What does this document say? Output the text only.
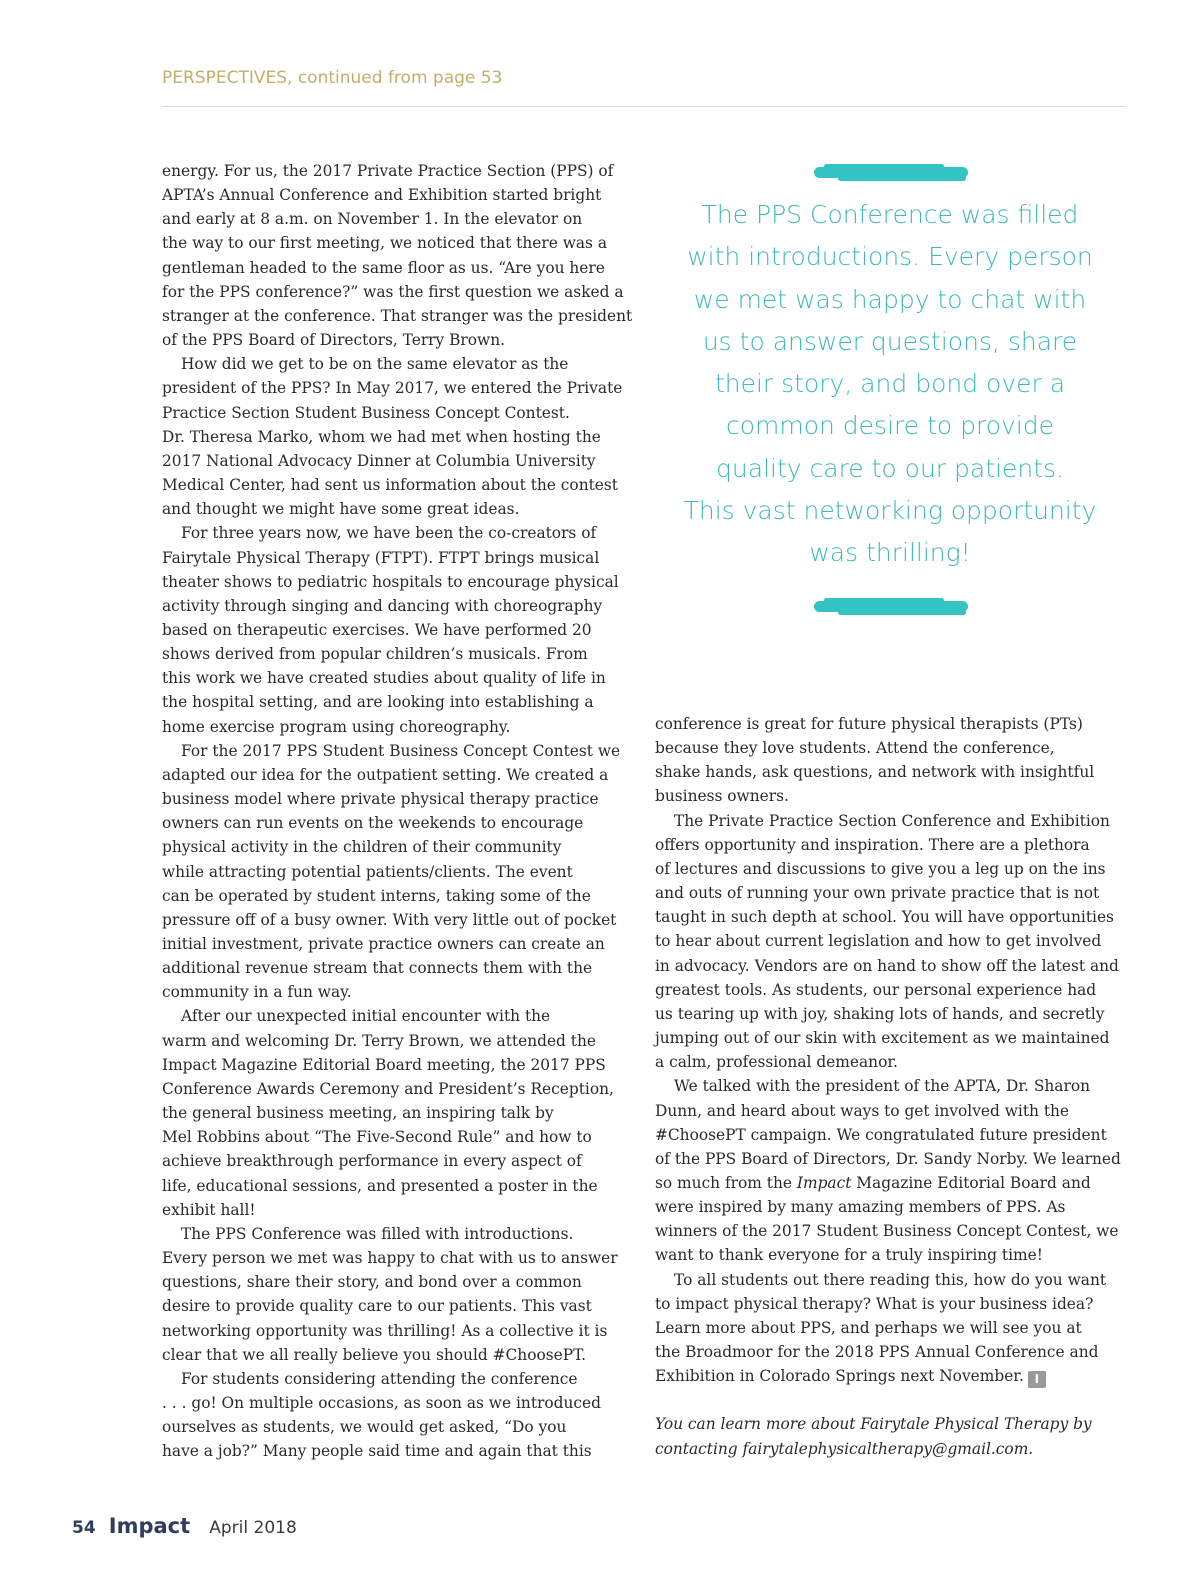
PERSPECTIVES, continued from page 53
energy. For us, the 2017 Private Practice Section (PPS) of
APTA’s Annual Conference and Exhibition started bright
and early at 8 a.m. on November 1. In the elevator on
the way to our first meeting, we noticed that there was a
gentleman headed to the same floor as us. “Are you here
for the PPS conference?” was the first question we asked a
stranger at the conference. That stranger was the president
of the PPS Board of Directors, Terry Brown.
How did we get to be on the same elevator as the
president of the PPS? In May 2017, we entered the Private
Practice Section Student Business Concept Contest.
Dr. Theresa Marko, whom we had met when hosting the
2017 National Advocacy Dinner at Columbia University
Medical Center, had sent us information about the contest
and thought we might have some great ideas.
For three years now, we have been the co-creators of
Fairytale Physical Therapy (FTPT). FTPT brings musical
theater shows to pediatric hospitals to encourage physical
activity through singing and dancing with choreography
based on therapeutic exercises. We have performed 20
shows derived from popular children’s musicals. From
this work we have created studies about quality of life in
the hospital setting, and are looking into establishing a
home exercise program using choreography.
For the 2017 PPS Student Business Concept Contest we
adapted our idea for the outpatient setting. We created a
business model where private physical therapy practice
owners can run events on the weekends to encourage
physical activity in the children of their community
while attracting potential patients/clients. The event
can be operated by student interns, taking some of the
pressure off of a busy owner. With very little out of pocket
initial investment, private practice owners can create an
additional revenue stream that connects them with the
community in a fun way.
After our unexpected initial encounter with the
warm and welcoming Dr. Terry Brown, we attended the
Impact Magazine Editorial Board meeting, the 2017 PPS
Conference Awards Ceremony and President’s Reception,
the general business meeting, an inspiring talk by
Mel Robbins about “The Five-Second Rule” and how to
achieve breakthrough performance in every aspect of
life, educational sessions, and presented a poster in the
exhibit hall!
The PPS Conference was filled with introductions.
Every person we met was happy to chat with us to answer
questions, share their story, and bond over a common
desire to provide quality care to our patients. This vast
networking opportunity was thrilling! As a collective it is
clear that we all really believe you should #ChoosePT.
For students considering attending the conference
. . . go! On multiple occasions, as soon as we introduced
ourselves as students, we would get asked, “Do you
have a job?” Many people said time and again that this
The PPS Conference was filled
with introductions. Every person
we met was happy to chat with
us to answer questions, share
their story, and bond over a
common desire to provide
quality care to our patients.
This vast networking opportunity
was thrilling!
conference is great for future physical therapists (PTs)
because they love students. Attend the conference,
shake hands, ask questions, and network with insightful
business owners.
The Private Practice Section Conference and Exhibition
offers opportunity and inspiration. There are a plethora
of lectures and discussions to give you a leg up on the ins
and outs of running your own private practice that is not
taught in such depth at school. You will have opportunities
to hear about current legislation and how to get involved
in advocacy. Vendors are on hand to show off the latest and
greatest tools. As students, our personal experience had
us tearing up with joy, shaking lots of hands, and secretly
jumping out of our skin with excitement as we maintained
a calm, professional demeanor.
We talked with the president of the APTA, Dr. Sharon
Dunn, and heard about ways to get involved with the
#ChoosePT campaign. We congratulated future president
of the PPS Board of Directors, Dr. Sandy Norby. We learned
so much from the Impact Magazine Editorial Board and
were inspired by many amazing members of PPS. As
winners of the 2017 Student Business Concept Contest, we
want to thank everyone for a truly inspiring time!
To all students out there reading this, how do you want
to impact physical therapy? What is your business idea?
Learn more about PPS, and perhaps we will see you at
the Broadmoor for the 2018 PPS Annual Conference and
Exhibition in Colorado Springs next November. I
You can learn more about Fairytale Physical Therapy by
contacting fairytalephysicaltherapy@gmail.com.
54 Impact April 2018
